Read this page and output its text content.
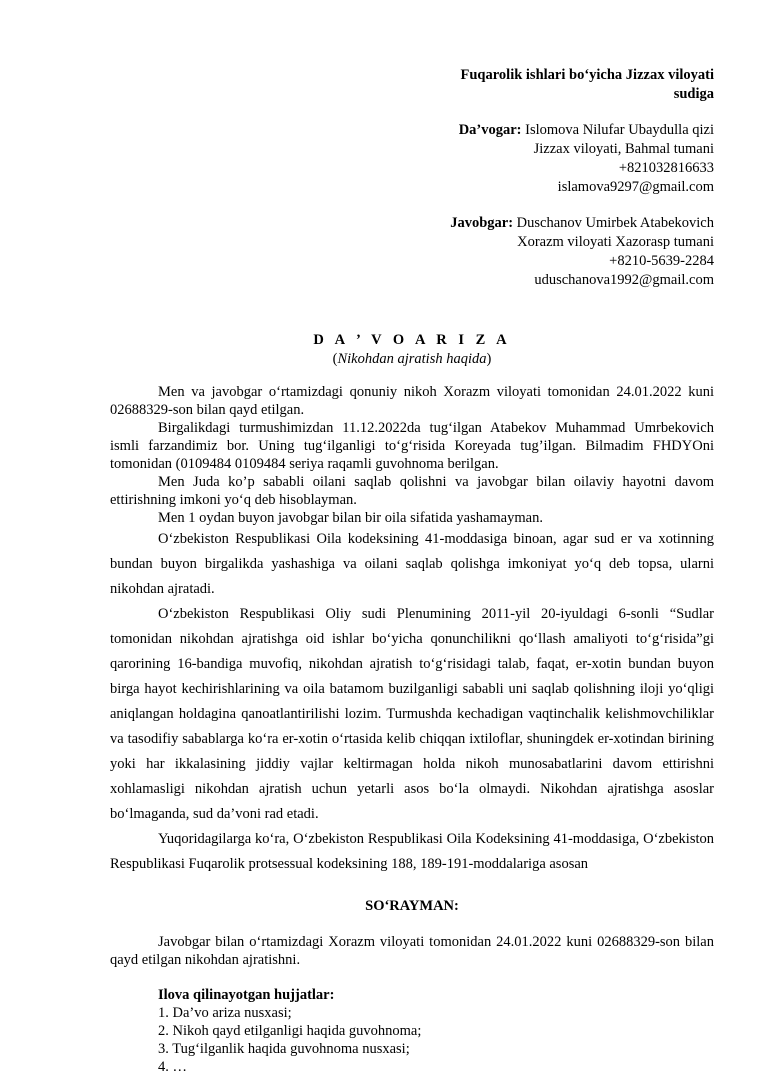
Fuqarolik ishlari bo‘yicha Jizzax viloyati
sudiga
Da’vogar: Islomova Nilufar Ubaydulla qizi
Jizzax viloyati, Bahmal tumani
+821032816633
islamova9297@gmail.com
Javobgar: Duschanov Umirbek Atabekovich
Xorazm viloyati Xazorasp tumani
+8210-5639-2284
uduschanova1992@gmail.com
D A ’ V O A R I Z A
(Nikohdan ajratish haqida)

Men va javobgar o‘rtamizdagi qonuniy nikoh Xorazm viloyati tomonidan 24.01.2022 kuni 02688329-son bilan qayd etilgan.

Birgalikdagi turmushimizdan 11.12.2022da tug‘ilgan Atabekov Muhammad Umrbekovich ismli farzandimiz bor. Uning tug‘ilganligi to‘g‘risida Koreyada tug’ilgan. Bilmadim FHDYOni tomonidan (0109484 0109484 seriya raqamli guvohnoma berilgan.

Men Juda ko’p sababli oilani saqlab qolishni va javobgar bilan oilaviy hayotni davom ettirishning imkoni yo‘q deb hisoblayman.

Men 1 oydan buyon javobgar bilan bir oila sifatida yashamayman.

O‘zbekiston Respublikasi Oila kodeksining 41-moddasiga binoan, agar sud er va xotinning bundan buyon birgalikda yashashiga va oilani saqlab qolishga imkoniyat yo‘q deb topsa, ularni nikohdan ajratadi.

O‘zbekiston Respublikasi Oliy sudi Plenumining 2011-yil 20-iyuldagi 6-sonli “Sudlar tomonidan nikohdan ajratishga oid ishlar bo‘yicha qonunchilikni qo‘llash amaliyoti to‘g‘risida”gi qarorining 16-bandiga muvofiq, nikohdan ajratish to‘g‘risidagi talab, faqat, er-xotin bundan buyon birga hayot kechirishlarining va oila batamom buzilganligi sababli uni saqlab qolishning iloji yo‘qligi aniqlangan holdagina qanoatlantirilishi lozim. Turmushda kechadigan vaqtinchalik kelishmovchiliklar va tasodifiy sabablarga ko‘ra er-xotin o‘rtasida kelib chiqqan ixtiloflar, shuningdek er-xotindan birining yoki har ikkalasining jiddiy vajlar keltirmagan holda nikoh munosabatlarini davom ettirishni xohlamasligi nikohdan ajratish uchun yetarli asos bo‘la olmaydi. Nikohdan ajratishga asoslar bo‘lmaganda, sud da’voni rad etadi.

Yuqoridagilarga ko‘ra, O‘zbekiston Respublikasi Oila Kodeksining 41-moddasiga, O‘zbekiston Respublikasi Fuqarolik protsessual kodeksining 188, 189-191-moddalariga asosan

SO‘RAYMAN:
Javobgar bilan o‘rtamizdagi Xorazm viloyati tomonidan 24.01.2022 kuni 02688329-son bilan qayd etilgan nikohdan ajratishni.
Ilova qilinayotgan hujjatlar:
1. Da’vo ariza nusxasi;
2. Nikoh qayd etilganligi haqida guvohnoma;
3. Tug‘ilganlik haqida guvohnoma nusxasi;
4. …
